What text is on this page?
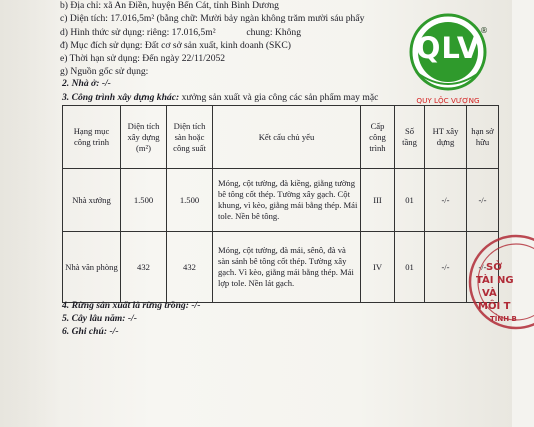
b) Địa chỉ: xã An Điền, huyện Bến Cát, tỉnh Bình Dương
c) Diện tích: 17.016,5m² (bằng chữ: Mười bảy ngàn không trăm mười sáu phẩy
d) Hình thức sử dụng: riêng: 17.016,5m²	chung: Không
đ) Mục đích sử dụng: Đất cơ sở sản xuất, kinh doanh (SKC)
e) Thời hạn sử dụng: Đến ngày 22/11/2052
g) Nguồn gốc sử dụng:
2. Nhà ở: -/-
3. Công trình xây dựng khác: xưởng sản xuất và gia công các sản phẩm may mặc
Hạng mục công trình	Diện tích xây dựng (m²)	Diện tích sàn hoặc công suất	Kết cấu chủ yếu	Cấp công trình	Số tầng	HT xây dựng	hạn sở hữu
Nhà xưởng	1.500	1.500	Móng, cột tường, đà kiềng, giằng tường bê tông cốt thép. Tường xây gạch. Cột khung, vì kèo, giằng mái bằng thép. Mái tole. Nền bê tông.	III	01	-/-	-/-
Nhà văn phòng	432	432	Móng, cột tường, đà mái, sênô, đà và sàn sảnh bê tông cốt thép. Tường xây gạch. Vì kèo, giằng mái bằng thép. Mái lợp tole. Nền lát gạch.	IV	01	-/-	-/-
4. Rừng sản xuất là rừng trồng: -/-
5. Cây lâu năm: -/-
6. Ghi chú: -/-
QLV
®
QUY LỘC VƯỢNG
SỞ
TÀI NG
VÀ
MÔI T
TỈNH B
